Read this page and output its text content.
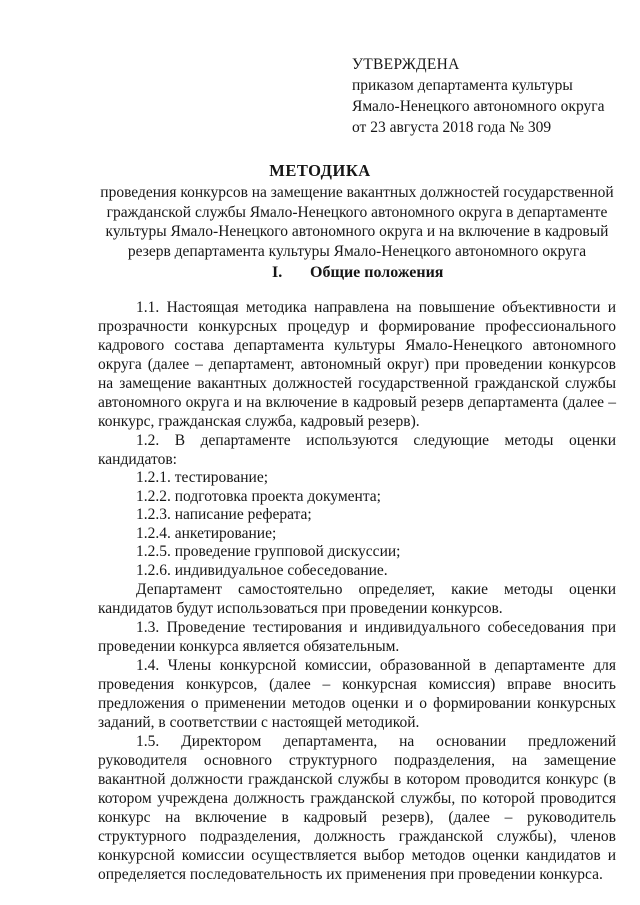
УТВЕРЖДЕНА
приказом департамента культуры
Ямало-Ненецкого автономного округа
от 23 августа 2018 года № 309
МЕТОДИКА
проведения конкурсов на замещение вакантных должностей государственной
гражданской службы Ямало-Ненецкого автономного округа в департаменте
культуры Ямало-Ненецкого автономного округа и на включение в кадровый
резерв департамента культуры Ямало-Ненецкого автономного округа
I. Общие положения

1.1. Настоящая методика направлена на повышение объективности и прозрачности конкурсных процедур и формирование профессионального кадрового состава департамента культуры Ямало-Ненецкого автономного округа (далее – департамент, автономный округ) при проведении конкурсов на замещение вакантных должностей государственной гражданской службы автономного округа и на включение в кадровый резерв департамента (далее – конкурс, гражданская служба, кадровый резерв).

1.2. В департаменте используются следующие методы оценки кандидатов:

1.2.1. тестирование;
1.2.2. подготовка проекта документа;
1.2.3. написание реферата;
1.2.4. анкетирование;
1.2.5. проведение групповой дискуссии;
1.2.6. индивидуальное собеседование.

Департамент самостоятельно определяет, какие методы оценки кандидатов будут использоваться при проведении конкурсов.

1.3. Проведение тестирования и индивидуального собеседования при проведении конкурса является обязательным.

1.4. Члены конкурсной комиссии, образованной в департаменте для проведения конкурсов, (далее – конкурсная комиссия) вправе вносить предложения о применении методов оценки и о формировании конкурсных заданий, в соответствии с настоящей методикой.

1.5. Директором департамента, на основании предложений руководителя основного структурного подразделения, на замещение вакантной должности гражданской службы в котором проводится конкурс (в котором учреждена должность гражданской службы, по которой проводится конкурс на включение в кадровый резерв), (далее – руководитель структурного подразделения, должность гражданской службы), членов конкурсной комиссии осуществляется выбор методов оценки кандидатов и определяется последовательность их применения при проведении конкурса.
